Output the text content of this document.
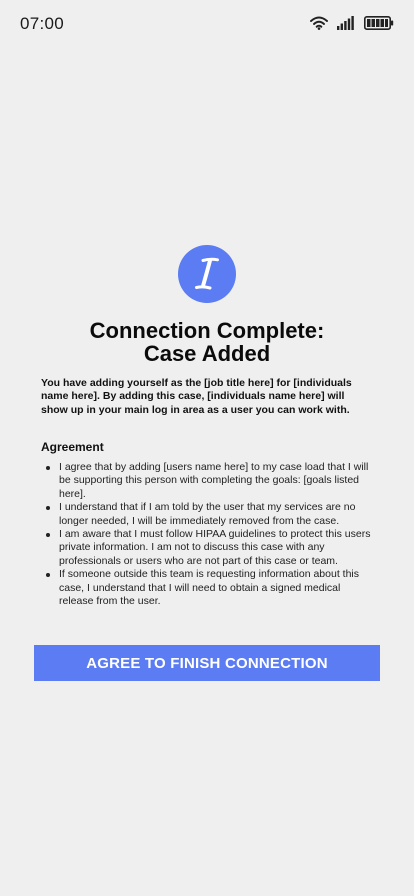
07:00
Connection Complete:
Case Added

You have adding yourself as the [job title here] for [individuals name here]. By adding this case, [individuals name here] will show up in your main log in area as a user you can work with.

Agreement
I agree that by adding [users name here] to my case load that I will be supporting this person with completing the goals: [goals listed here].
I understand that if I am told by the user that my services are no longer needed, I will be immediately removed from the case.
I am aware that I must follow HIPAA guidelines to protect this users private information. I am not to discuss this case with any professionals or users who are not part of this case or team.
If someone outside this team is requesting information about this case, I understand that I will need to obtain a signed medical release from the user.
AGREE TO FINISH CONNECTION
